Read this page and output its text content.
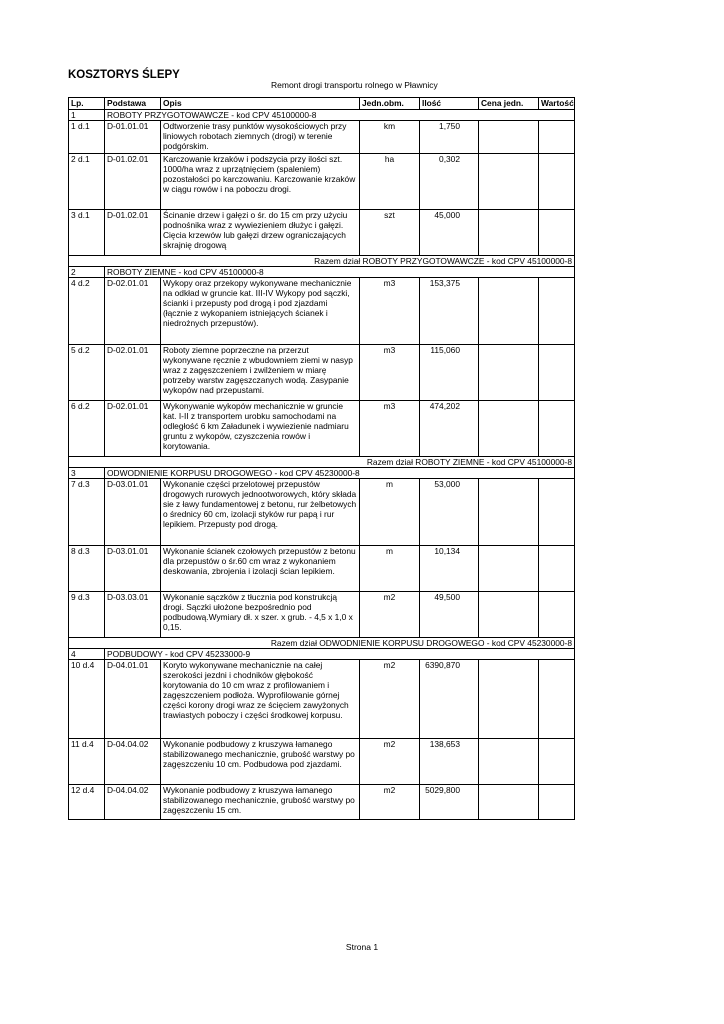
KOSZTORYS ŚLEPY
Remont drogi transportu rolnego w Pławnicy
Lp.	Podstawa	Opis	Jedn.obm.	Ilość	Cena jedn.	Wartość
1	ROBOTY PRZYGOTOWAWCZE - kod CPV 45100000-8					
1 d.1	D-01.01.01	Odtworzenie trasy punktów wysokościowych przy liniowych robotach ziemnych (drogi) w terenie podgórskim.	km	1,750		
2 d.1	D-01.02.01	Karczowanie krzaków i podszycia przy ilości szt. 1000/ha wraz z uprzątnięciem (spaleniem) pozostałości po karczowaniu. Karczowanie krzaków w ciągu rowów i na poboczu drogi.	ha	0,302		
3 d.1	D-01.02.01	Ścinanie drzew i gałęzi o śr. do 15 cm przy użyciu podnośnika wraz z wywiezieniem dłużyc i gałęzi. Cięcia krzewów lub gałęzi drzew ograniczających skrajnię drogową	szt	45,000		
Razem dział ROBOTY PRZYGOTOWAWCZE - kod CPV 45100000-8						
2	ROBOTY ZIEMNE - kod CPV 45100000-8					
4 d.2	D-02.01.01	Wykopy oraz przekopy wykonywane mechanicznie na odkład w gruncie kat. III-IV Wykopy pod sączki, ścianki i przepusty pod drogą i pod zjazdami (łącznie z wykopaniem istniejących ścianek i niedrożnych przepustów).	m3	153,375		
5 d.2	D-02.01.01	Roboty ziemne poprzeczne na przerzut wykonywane ręcznie z wbudowniem ziemi w nasyp wraz z zagęszczeniem i zwilżeniem w miarę potrzeby warstw zagęszczanych wodą. Zasypanie wykopów nad przepustami.	m3	115,060		
6 d.2	D-02.01.01	Wykonywanie wykopów mechanicznie w gruncie kat. I-II z transportem urobku samochodami na odległość 6 km Załadunek i wywiezienie nadmiaru gruntu z wykopów, czyszczenia rowów i korytowania.	m3	474,202		
Razem dział ROBOTY ZIEMNE - kod CPV 45100000-8						
3	ODWODNIENIE KORPUSU DROGOWEGO - kod CPV 45230000-8					
7 d.3	D-03.01.01	Wykonanie części przelotowej przepustów drogowych rurowych jednootworowych, który składa sie z ławy fundamentowej z betonu, rur żelbetowych o średnicy 60 cm, izolacji styków rur papą i rur lepikiem. Przepusty pod drogą.	m	53,000		
8 d.3	D-03.01.01	Wykonanie ścianek czołowych przepustów z betonu dla przepustów o śr.60 cm wraz z wykonaniem deskowania, zbrojenia i izolacji ścian lepikiem.	m	10,134		
9 d.3	D-03.03.01	Wykonanie sączków z tłucznia pod konstrukcją drogi. Sączki ułożone bezpośrednio pod podbudową.Wymiary dł. x szer. x grub. - 4,5 x 1,0 x 0,15.	m2	49,500		
Razem dział ODWODNIENIE KORPUSU DROGOWEGO - kod CPV 45230000-8						
4	PODBUDOWY - kod CPV 45233000-9					
10 d.4	D-04.01.01	Koryto wykonywane mechanicznie na całej szerokości jezdni i chodników głębokość korytowania do 10 cm wraz z profilowaniem i zagęszczeniem podłoża. Wyprofilowanie górnej części korony drogi wraz ze ścięciem zawyżonych trawiastych poboczy i części środkowej korpusu.	m2	6390,870		
11 d.4	D-04.04.02	Wykonanie podbudowy z kruszywa łamanego stabilizowanego mechanicznie, grubość warstwy po zagęszczeniu 10 cm. Podbudowa pod zjazdami.	m2	138,653		
12 d.4	D-04.04.02	Wykonanie podbudowy z kruszywa łamanego stabilizowanego mechanicznie, grubość warstwy po zagęszczeniu 15 cm.	m2	5029,800		
Strona 1
